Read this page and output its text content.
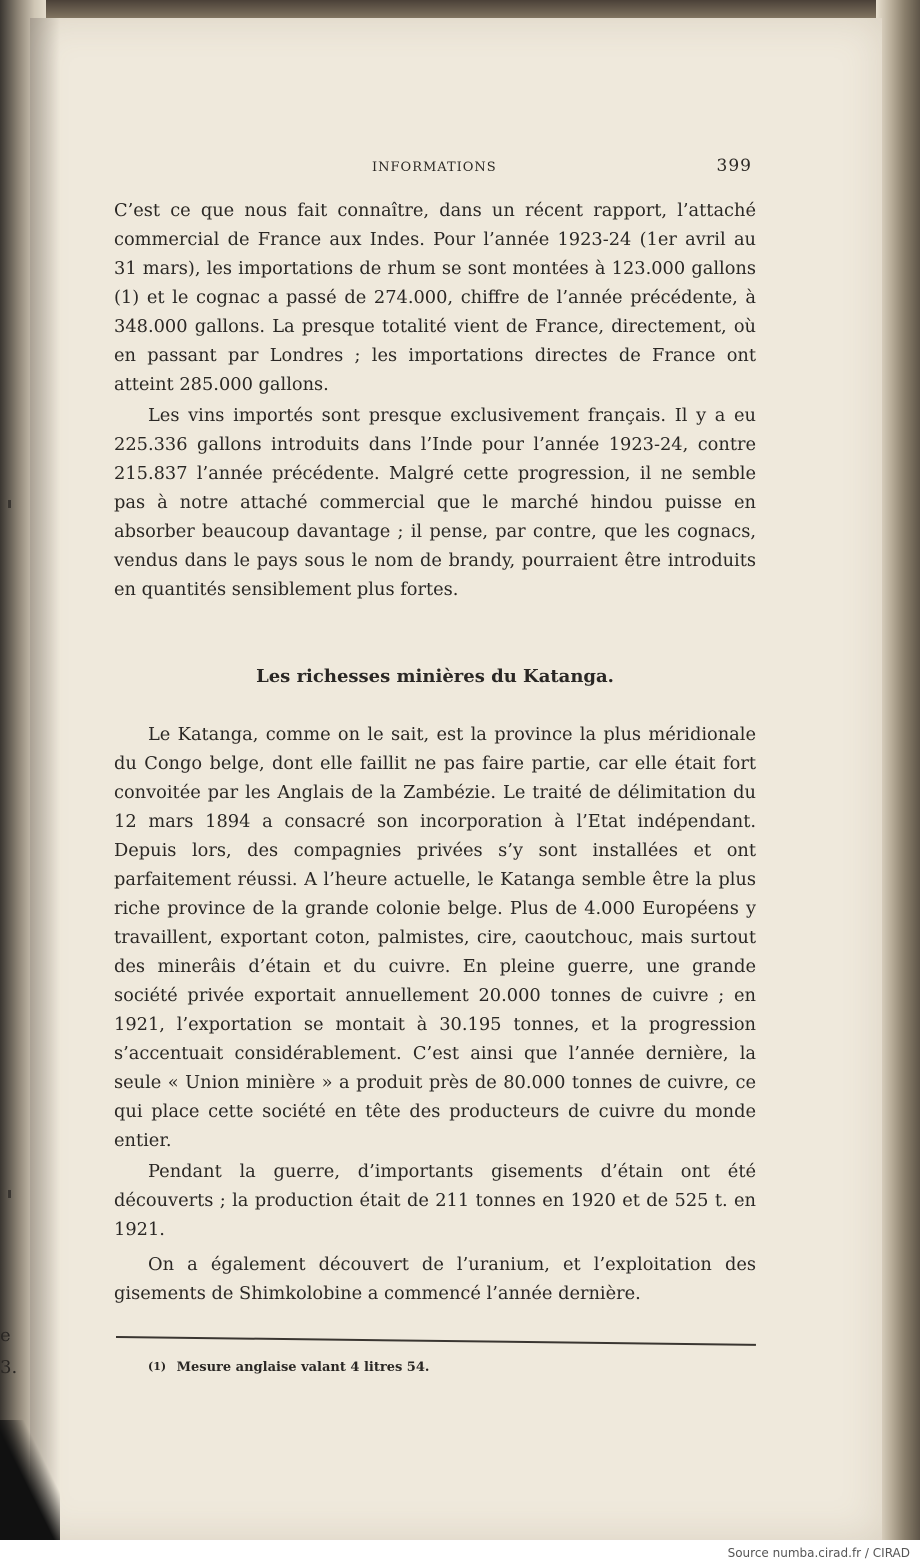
e
3.
INFORMATIONS	399

C’est ce que nous fait connaître, dans un récent rapport, l’attaché commercial de France aux Indes. Pour l’année 1923-24 (1er avril au 31 mars), les importations de rhum se sont montées à 123.000 gallons (1) et le cognac a passé de 274.000, chiffre de l’année précédente, à 348.000 gallons. La presque totalité vient de France, directement, où en passant par Londres ; les importations directes de France ont atteint 285.000 gallons.

Les vins importés sont presque exclusivement français. Il y a eu 225.336 gallons introduits dans l’Inde pour l’année 1923-24, contre 215.837 l’année précédente. Malgré cette progression, il ne semble pas à notre attaché commercial que le marché hindou puisse en absorber beaucoup davantage ; il pense, par contre, que les cognacs, vendus dans le pays sous le nom de brandy, pourraient être introduits en quantités sensiblement plus fortes.

Les richesses minières du Katanga.

Le Katanga, comme on le sait, est la province la plus méridionale du Congo belge, dont elle faillit ne pas faire partie, car elle était fort convoitée par les Anglais de la Zambézie. Le traité de délimitation du 12 mars 1894 a consacré son incorporation à l’Etat indépendant. Depuis lors, des compagnies privées s’y sont installées et ont parfaitement réussi. A l’heure actuelle, le Katanga semble être la plus riche province de la grande colonie belge. Plus de 4.000 Européens y travaillent, exportant coton, palmistes, cire, caoutchouc, mais surtout des minerâis d’étain et du cuivre. En pleine guerre, une grande société privée exportait annuellement 20.000 tonnes de cuivre ; en 1921, l’exportation se montait à 30.195 tonnes, et la progression s’accentuait considérablement. C’est ainsi que l’année dernière, la seule « Union minière » a produit près de 80.000 tonnes de cuivre, ce qui place cette société en tête des producteurs de cuivre du monde entier.

Pendant la guerre, d’importants gisements d’étain ont été découverts ; la production était de 211 tonnes en 1920 et de 525 t. en 1921.

On a également découvert de l’uranium, et l’exploitation des gisements de Shimkolobine a commencé l’année dernière.

$^{(1)}$ Mesure anglaise valant 4 litres 54.
Source numba.cirad.fr / CIRAD
